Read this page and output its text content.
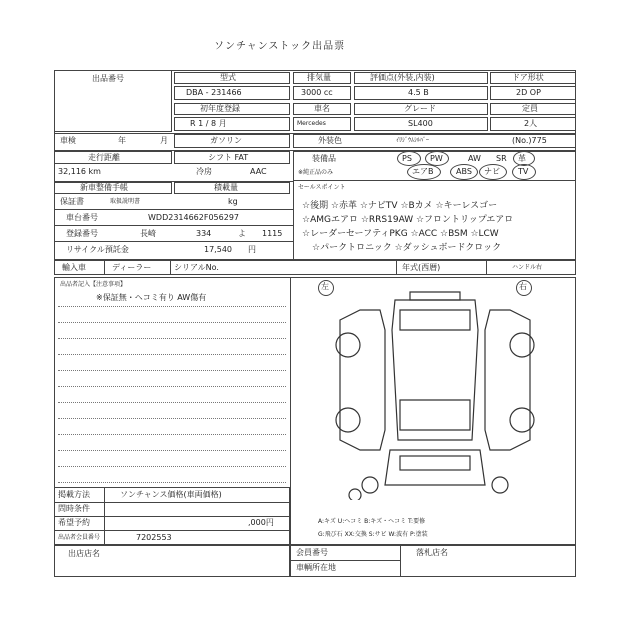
ソンチャンストック出品票
出品番号	型式
DBA - 231466
排気量
3000 cc
評価点(外装,内装)
4.5 B
ドア形状
2D OP
初年度登録
R 1 / 8 月
車名
Mercedes
グレード
SL400
定員
2人
車検	年	月	ガソリン	外装色	ｲﾘｼﾞｳﾑｼﾙﾊﾞｰ	(No.)775
走行距離
32,116 km
シフト FAT
冷房	AAC
装備品	PS PW	AW SR 革
※純正品のみ	エアB	ABS ナビ TV
新車整備手帳
保証書	取扱説明書
積載量
kg
セールスポイント
☆後期 ☆赤革 ☆ナビTV ☆Bカメ ☆キーレスゴー
☆AMGエアロ ☆RRS19AW ☆フロントリップエアロ
☆レーダーセーフティPKG ☆ACC ☆BSM ☆LCW
☆パークトロニック ☆ダッシュボードクロック
車台番号	WDD2314662F056297
登録番号	長崎	334	よ 1115
リサイクル預託金	17,540 円
輸入車	ディーラー	シリアルNo.	年式(西暦)	ハンドル右
出品者記入【注意事項】
※保証無・ヘコミ有り AW傷有
左	右
A:キズ U:ヘコミ B:キズ・ヘコミ T:要修
G:飛び石 XX:交換 S:サビ W:波有 P:塗装
掲載方法	ソンチャンス価格(車両価格)
問時条件
希望予約	,000円
出品者会員番号	7202553
出店店名	会員番号	落札店名
車輌所在地
